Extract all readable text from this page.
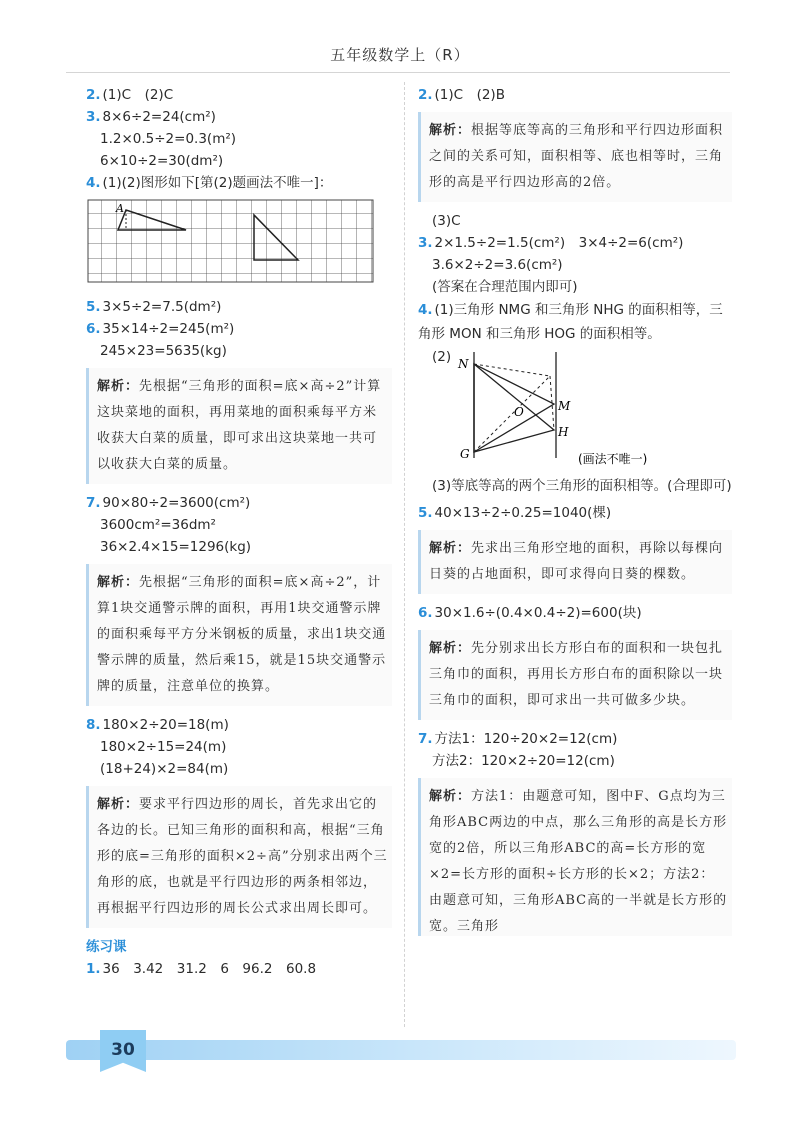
五年级数学上（R）
2. (1)C　(2)C
3. 8×6÷2=24(cm²)
1.2×0.5÷2=0.3(m²)
6×10÷2=30(dm²)
4. (1)(2)图形如下[第(2)题画法不唯一]：
A
5. 3×5÷2=7.5(dm²)
6. 35×14÷2=245(m²)
245×23=5635(kg)
解析：先根据“三角形的面积=底×高÷2”计算这块菜地的面积，再用菜地的面积乘每平方米收获大白菜的质量，即可求出这块菜地一共可以收获大白菜的质量。
7. 90×80÷2=3600(cm²)
3600cm²=36dm²
36×2.4×15=1296(kg)
解析：先根据“三角形的面积=底×高÷2”，计算1块交通警示牌的面积，再用1块交通警示牌的面积乘每平方分米钢板的质量，求出1块交通警示牌的质量，然后乘15，就是15块交通警示牌的质量，注意单位的换算。
8. 180×2÷20=18(m)
180×2÷15=24(m)
(18+24)×2=84(m)
解析：要求平行四边形的周长，首先求出它的各边的长。已知三角形的面积和高，根据“三角形的底=三角形的面积×2÷高”分别求出两个三角形的底，也就是平行四边形的两条相邻边，再根据平行四边形的周长公式求出周长即可。
练习课
1. 36　3.42　31.2　6　96.2　60.8
2. (1)C　(2)B
解析：根据等底等高的三角形和平行四边形面积之间的关系可知，面积相等、底也相等时，三角形的高是平行四边形高的2倍。
(3)C
3. 2×1.5÷2=1.5(cm²)　3×4÷2=6(cm²)
3.6×2÷2=3.6(cm²)
(答案在合理范围内即可)
4. (1)三角形 NMG 和三角形 NHG 的面积相等，三角形 MON 和三角形 HOG 的面积相等。
(2) N
M
O
H
G	(画法不唯一)
(3)等底等高的两个三角形的面积相等。(合理即可)
5. 40×13÷2÷0.25=1040(棵)
解析：先求出三角形空地的面积，再除以每棵向日葵的占地面积，即可求得向日葵的棵数。
6. 30×1.6÷(0.4×0.4÷2)=600(块)
解析：先分别求出长方形白布的面积和一块包扎三角巾的面积，再用长方形白布的面积除以一块三角巾的面积，即可求出一共可做多少块。
7. 方法1：120÷20×2=12(cm)
方法2：120×2÷20=12(cm)
解析：方法1：由题意可知，图中F、G点均为三角形ABC两边的中点，那么三角形的高是长方形宽的2倍，所以三角形ABC的高=长方形的宽×2=长方形的面积÷长方形的长×2；方法2：由题意可知，三角形ABC高的一半就是长方形的宽。三角形
30
